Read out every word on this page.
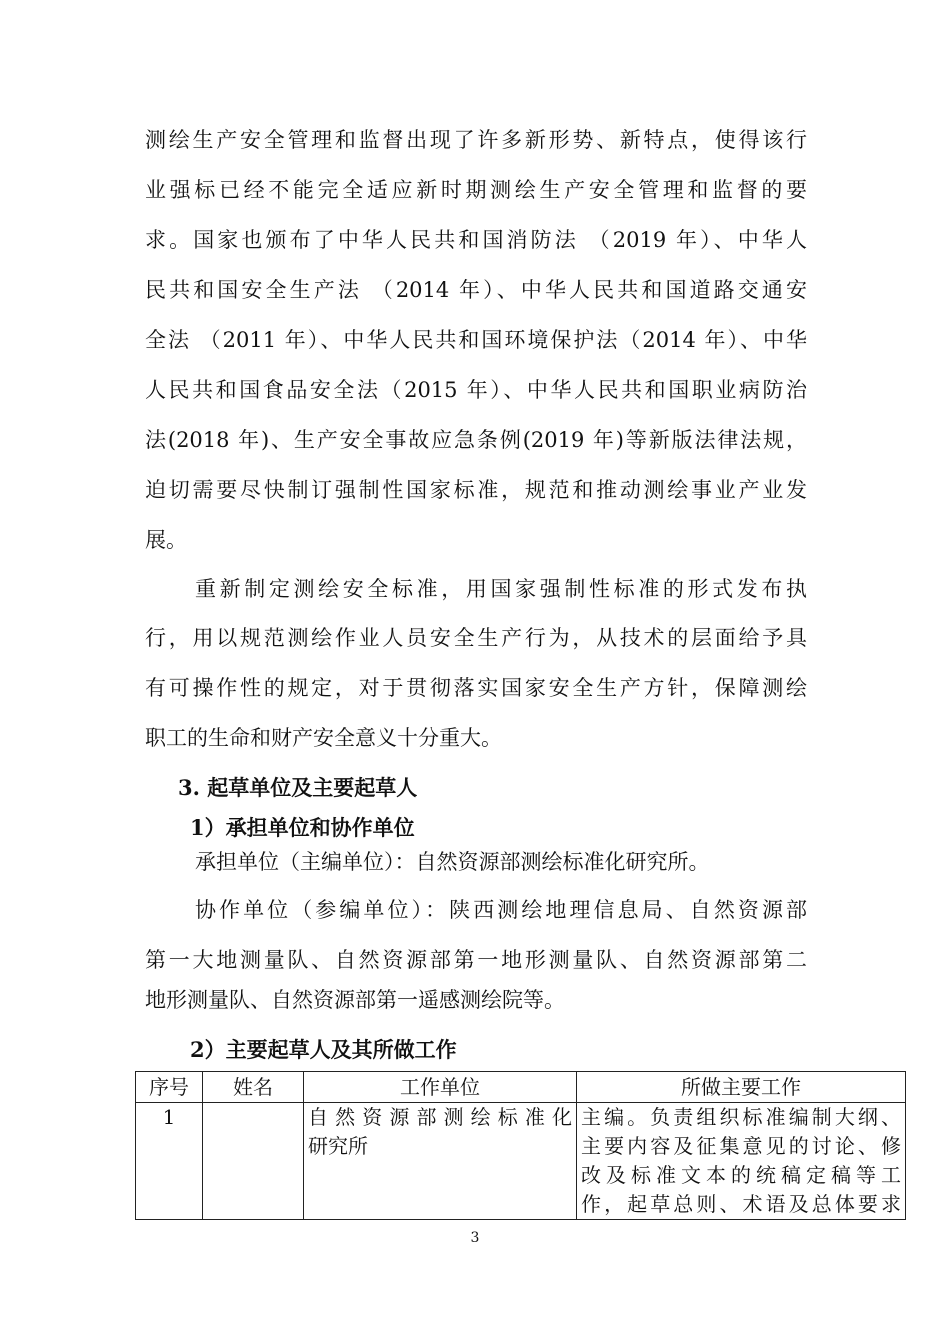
测绘生产安全管理和监督出现了许多新形势、新特点，使得该行
业强标已经不能完全适应新时期测绘生产安全管理和监督的要
求。国家也颁布了中华人民共和国消防法 （2019 年）、中华人
民共和国安全生产法 （2014 年）、中华人民共和国道路交通安
全法 （2011 年）、中华人民共和国环境保护法（2014 年）、中华
人民共和国食品安全法（2015 年）、中华人民共和国职业病防治
法(2018 年)、生产安全事故应急条例(2019 年)等新版法律法规，
迫切需要尽快制订强制性国家标准，规范和推动测绘事业产业发
展。
重新制定测绘安全标准，用国家强制性标准的形式发布执
行，用以规范测绘作业人员安全生产行为，从技术的层面给予具
有可操作性的规定，对于贯彻落实国家安全生产方针，保障测绘
职工的生命和财产安全意义十分重大。
3. 起草单位及主要起草人
1）承担单位和协作单位
承担单位（主编单位）：自然资源部测绘标准化研究所。
协作单位（参编单位）：陕西测绘地理信息局、自然资源部
第一大地测量队、自然资源部第一地形测量队、自然资源部第二
地形测量队、自然资源部第一遥感测绘院等。
2）主要起草人及其所做工作
序号	姓名	工作单位	所做主要工作
1		自然资源部测绘标准化
研究所	主编。负责组织标准编制大纲、
主要内容及征集意见的讨论、修
改及标准文本的统稿定稿等工
作，起草总则、术语及总体要求
3
